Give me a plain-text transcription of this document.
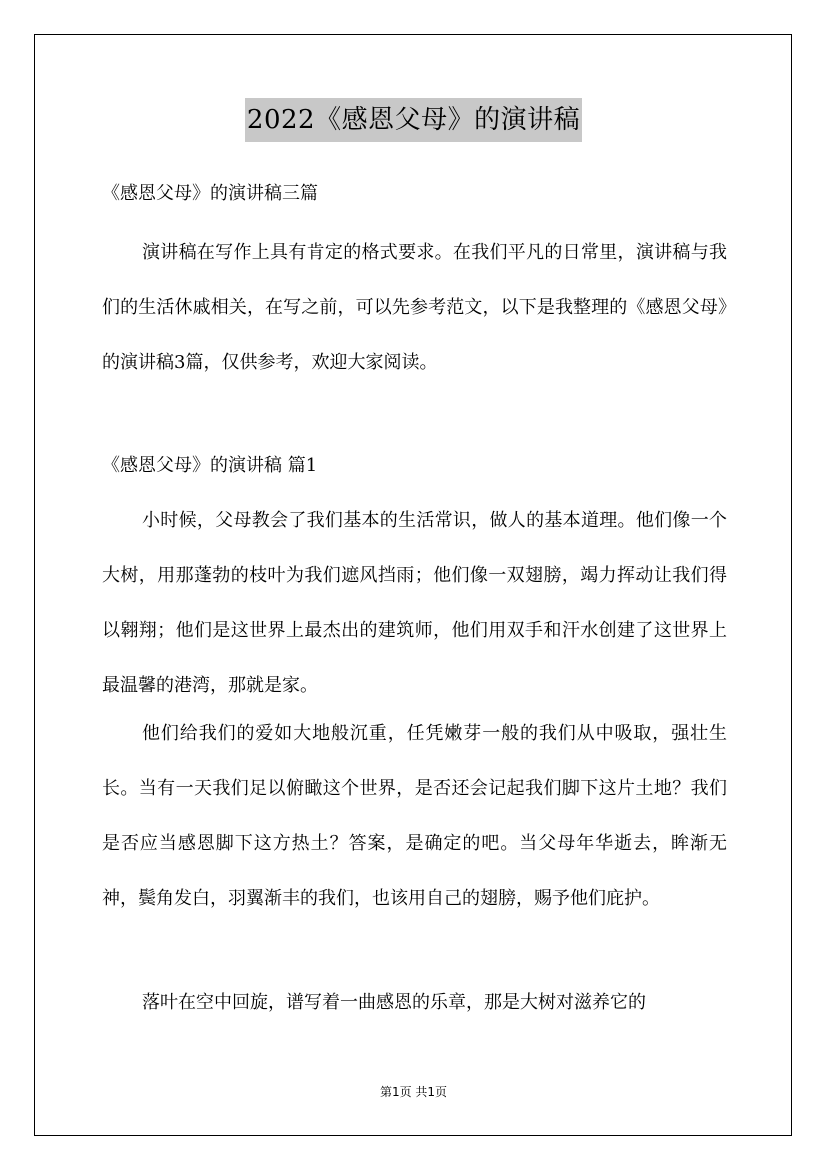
2022《感恩父母》的演讲稿
《感恩父母》的演讲稿三篇

演讲稿在写作上具有肯定的格式要求。在我们平凡的日常里，演讲稿与我们的生活休戚相关，在写之前，可以先参考范文，以下是我整理的《感恩父母》的演讲稿3篇，仅供参考，欢迎大家阅读。

《感恩父母》的演讲稿 篇1

小时候，父母教会了我们基本的生活常识，做人的基本道理。他们像一个大树，用那蓬勃的枝叶为我们遮风挡雨；他们像一双翅膀，竭力挥动让我们得以翱翔；他们是这世界上最杰出的建筑师，他们用双手和汗水创建了这世界上最温馨的港湾，那就是家。

他们给我们的爱如大地般沉重，任凭嫩芽一般的我们从中吸取，强壮生长。当有一天我们足以俯瞰这个世界，是否还会记起我们脚下这片土地？我们是否应当感恩脚下这方热土？答案，是确定的吧。当父母年华逝去，眸渐无神，鬓角发白，羽翼渐丰的我们，也该用自己的翅膀，赐予他们庇护。

落叶在空中回旋，谱写着一曲感恩的乐章，那是大树对滋养它的

第1页 共1页
